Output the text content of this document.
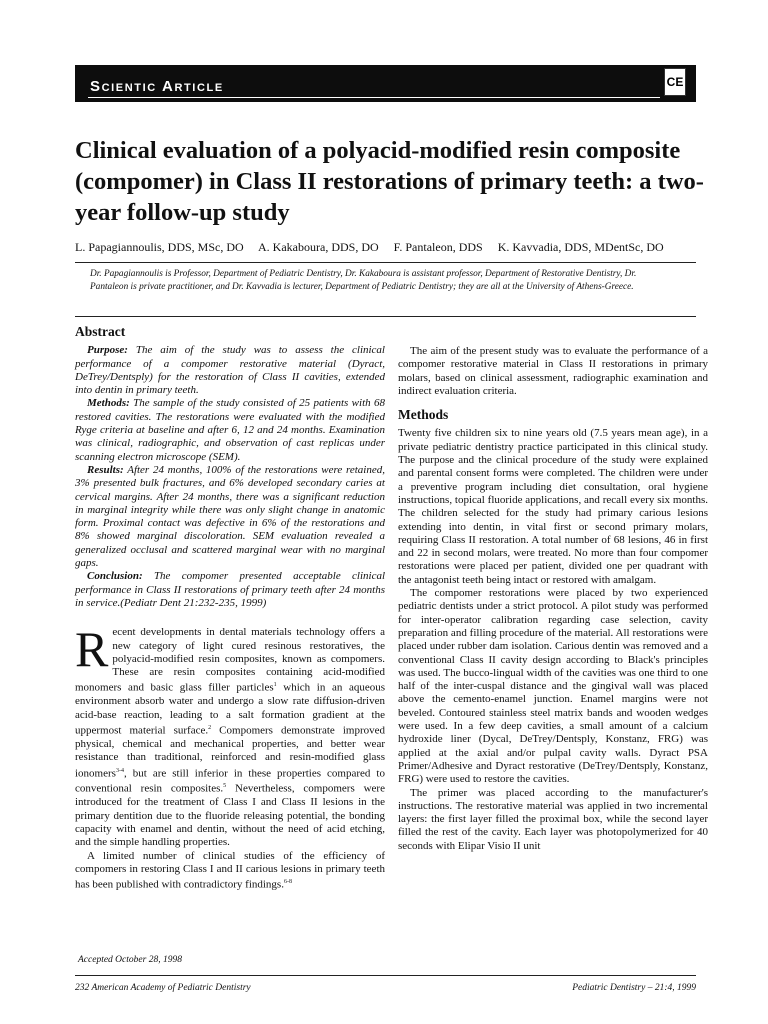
Scientic Article	CE
Clinical evaluation of a polyacid-modified resin composite (compomer) in Class II restorations of primary teeth: a two-year follow-up study
L. Papagiannoulis, DDS, MSc, DO A. Kakaboura, DDS, DO F. Pantaleon, DDS K. Kavvadia, DDS, MDentSc, DO
Dr. Papagiannoulis is Professor, Department of Pediatric Dentistry, Dr. Kakaboura is assistant professor, Department of Restorative Dentistry, Dr. Pantaleon is private practitioner, and Dr. Kavvadia is lecturer, Department of Pediatric Dentistry; they are all at the University of Athens-Greece.
Abstract

Purpose: The aim of the study was to assess the clinical performance of a compomer restorative material (Dyract, DeTrey/Dentsply) for the restoration of Class II cavities, extended into dentin in primary teeth.

Methods: The sample of the study consisted of 25 patients with 68 restored cavities. The restorations were evaluated with the modified Ryge criteria at baseline and after 6, 12 and 24 months. Examination was clinical, radiographic, and observation of cast replicas under scanning electron microscope (SEM).

Results: After 24 months, 100% of the restorations were retained, 3% presented bulk fractures, and 6% developed secondary caries at cervical margins. After 24 months, there was a significant reduction in marginal integrity while there was only slight change in anatomic form. Proximal contact was defective in 6% of the restorations and 8% showed marginal discoloration. SEM evaluation revealed a generalized occlusal and scattered marginal wear with no marginal gaps.

Conclusion: The compomer presented acceptable clinical performance in Class II restorations of primary teeth after 24 months in service.(Pediatr Dent 21:232-235, 1999)

Recent developments in dental materials technology offers a new category of light cured resinous restoratives, the polyacid-modified resin composites, known as compomers. These are resin composites containing acid-modified monomers and basic glass filler particles$^1$ which in an aqueous environment absorb water and undergo a slow rate diffusion-driven acid-base reaction, leading to a salt formation gradient at the uppermost material surface.$^2$ Compomers demonstrate improved physical, chemical and mechanical properties, and better wear resistance than traditional, reinforced and resin-modified glass ionomers$^{3-4}$, but are still inferior in these properties compared to conventional resin composites.$^5$ Nevertheless, compomers were introduced for the treatment of Class I and Class II lesions in the primary dentition due to the fluoride releasing potential, the bonding capacity with enamel and dentin, without the need of acid etching, and the simple handling properties.

A limited number of clinical studies of the efficiency of compomers in restoring Class I and II carious lesions in primary teeth has been published with contradictory findings.$^{6-8}$

The aim of the present study was to evaluate the performance of a compomer restorative material in Class II restorations in primary molars, based on clinical assessment, radiographic examination and indirect evaluation criteria.

Methods

Twenty five children six to nine years old (7.5 years mean age), in a private pediatric dentistry practice participated in this clinical study. The purpose and the clinical procedure of the study were explained and parental consent forms were completed. The children were under a preventive program including diet consultation, oral hygiene instructions, topical fluoride applications, and recall every six months. The children selected for the study had primary carious lesions extending into dentin, in vital first or second primary molars, requiring Class II restoration. A total number of 68 lesions, 46 in first and 22 in second molars, were treated. No more than four compomer restorations were placed per patient, divided one per quadrant with the antagonist teeth being intact or restored with amalgam.

The compomer restorations were placed by two experienced pediatric dentists under a strict protocol. A pilot study was performed for inter-operator calibration regarding case selection, cavity preparation and filling procedure of the material. All restorations were placed under rubber dam isolation. Carious dentin was removed and a conventional Class II cavity design according to Black's principles was used. The bucco-lingual width of the cavities was one third to one half of the inter-cuspal distance and the gingival wall was placed above the cemento-enamel junction. Enamel margins were not beveled. Contoured stainless steel matrix bands and wooden wedges were used. In a few deep cavities, a small amount of a calcium hydroxide liner (Dycal, DeTrey/Dentsply, Konstanz, FRG) was applied at the axial and/or pulpal cavity walls. Dyract PSA Primer/Adhesive and Dyract restorative (DeTrey/Dentsply, Konstanz, FRG) were used to restore the cavities.

The primer was placed according to the manufacturer's instructions. The restorative material was applied in two incremental layers: the first layer filled the proximal box, while the second layer filled the rest of the cavity. Each layer was photopolymerized for 40 seconds with Elipar Visio II unit

Accepted October 28, 1998
232 American Academy of Pediatric Dentistry	Pediatric Dentistry – 21:4, 1999
